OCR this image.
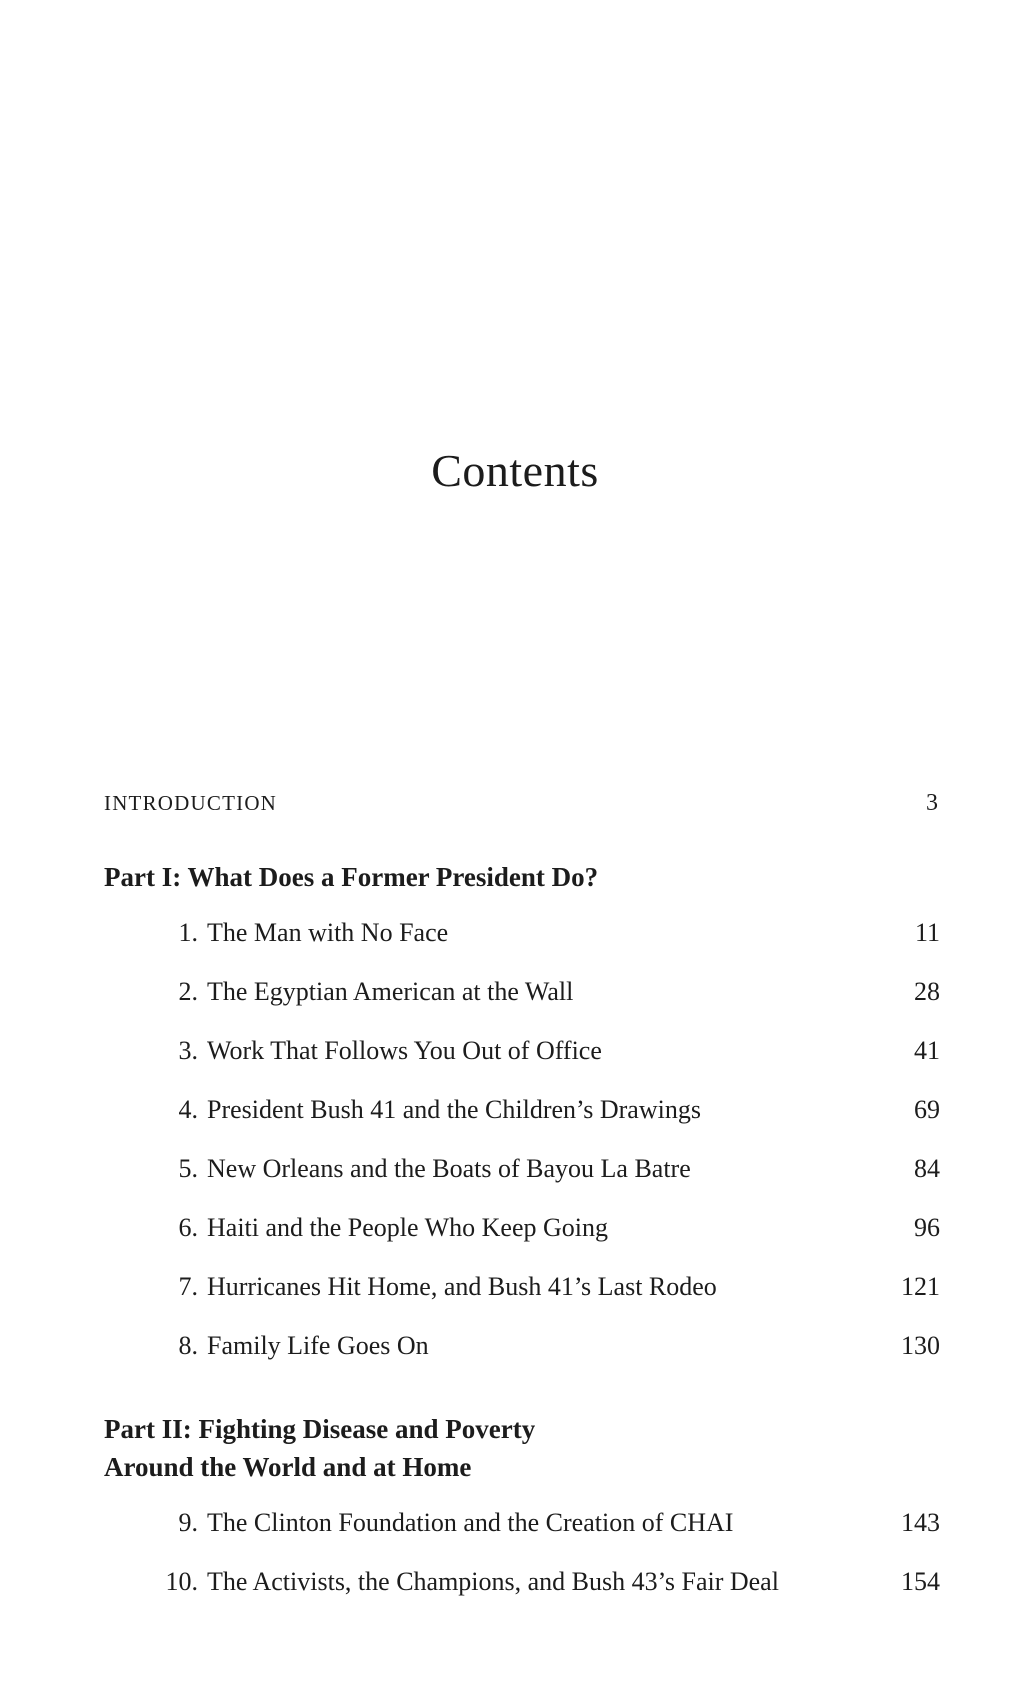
Contents
INTRODUCTION	3
Part I: What Does a Former President Do?
1. The Man with No Face	11
2. The Egyptian American at the Wall	28
3. Work That Follows You Out of Office	41
4. President Bush 41 and the Children’s Drawings	69
5. New Orleans and the Boats of Bayou La Batre	84
6. Haiti and the People Who Keep Going	96
7. Hurricanes Hit Home, and Bush 41’s Last Rodeo	121
8. Family Life Goes On	130
Part II: Fighting Disease and Poverty
Around the World and at Home
9. The Clinton Foundation and the Creation of CHAI	143
10. The Activists, the Champions, and Bush 43’s Fair Deal	154
